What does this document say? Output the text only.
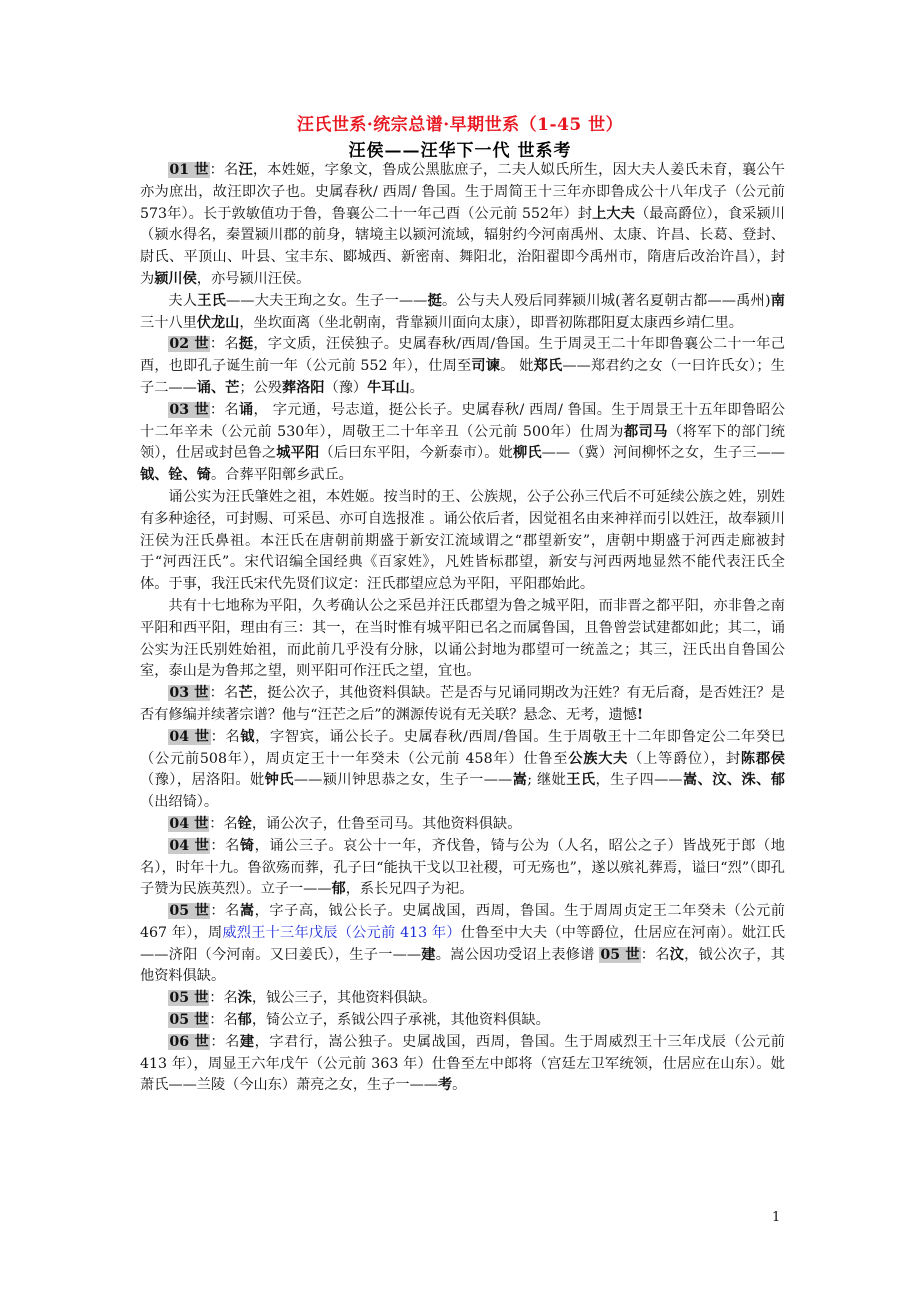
汪氏世系·统宗总谱·早期世系（1-45 世）
汪侯——汪华下一代 世系考

01 世：名汪，本姓姬，字象文，鲁成公黑肱庶子，二夫人姒氏所生，因大夫人姜氏未育，襄公午亦为庶出，故汪即次子也。史属春秋/ 西周/ 鲁国。生于周简王十三年亦即鲁成公十八年戊子（公元前 573年）。长于敦敏值功于鲁，鲁襄公二十一年己酉（公元前 552年）封上大夫（最高爵位），食采颍川（颍水得名，秦置颍川郡的前身，辖境主以颍河流域，辐射约今河南禹州、太康、许昌、长葛、登封、尉氏、平顶山、叶县、宝丰东、郾城西、新密南、舞阳北，治阳翟即今禹州市，隋唐后改治许昌），封为颍川侯，亦号颍川汪侯。

夫人王氏——大夫王珣之女。生子一——挺。公与夫人殁后同葬颍川城(著名夏朝古都——禹州)南三十八里伏龙山，坐坎面离（坐北朝南，背靠颍川面向太康），即晋初陈郡阳夏太康西乡靖仁里。

02 世：名挺，字文质，汪侯独子。史属春秋/西周/鲁国。生于周灵王二十年即鲁襄公二十一年己酉，也即孔子诞生前一年（公元前 552 年），仕周至司谏。 妣郑氏——郑君约之女（一曰许氏女）；生子二——诵、芒；公殁葬洛阳（豫）牛耳山。

03 世：名诵， 字元通，号志道，挺公长子。史属春秋/ 西周/ 鲁国。生于周景王十五年即鲁昭公十二年辛未（公元前 530年），周敬王二十年辛丑（公元前 500年）仕周为都司马（将军下的部门统领），仕居或封邑鲁之城平阳（后曰东平阳，今新泰市）。妣柳氏——（冀）河间柳怀之女，生子三——钺、铨、锜。合葬平阳鄣乡武丘。

诵公实为汪氏肇姓之祖，本姓姬。按当时的王、公族规，公子公孙三代后不可延续公族之姓，别姓有多种途径，可封赐、可采邑、亦可自选报准 。诵公依后者，因觉祖名由来神祥而引以姓汪，故奉颍川汪侯为汪氏鼻祖。本汪氏在唐朝前期盛于新安江流域谓之“郡望新安”，唐朝中期盛于河西走廊被封于“河西汪氏”。宋代诏编全国经典《百家姓》，凡姓皆标郡望，新安与河西两地显然不能代表汪氏全体。于事，我汪氏宋代先贤们议定：汪氏郡望应总为平阳，平阳郡始此。

共有十七地称为平阳，久考确认公之采邑并汪氏郡望为鲁之城平阳，而非晋之都平阳，亦非鲁之南平阳和西平阳，理由有三：其一，在当时惟有城平阳已名之而属鲁国，且鲁曾尝试建都如此；其二，诵公实为汪氏别姓始祖，而此前几乎没有分脉，以诵公封地为郡望可一统盖之；其三，汪氏出自鲁国公室，泰山是为鲁邦之望，则平阳可作汪氏之望，宜也。

03 世：名芒，挺公次子，其他资料俱缺。芒是否与兄诵同期改为汪姓？有无后裔，是否姓汪？是否有修编并续著宗谱？他与“汪芒之后”的渊源传说有无关联？悬念、无考，遗憾!

04 世：名钺，字智宾，诵公长子。史属春秋/西周/鲁国。生于周敬王十二年即鲁定公二年癸巳（公元前508年），周贞定王十一年癸未（公元前 458年）仕鲁至公族大夫（上等爵位），封陈郡侯（豫），居洛阳。妣钟氏——颍川钟思恭之女，生子一——嵩; 继妣王氏，生子四——嵩、汶、洙、郁（出绍锜）。

04 世：名铨，诵公次子，仕鲁至司马。其他资料俱缺。

04 世：名锜，诵公三子。哀公十一年，齐伐鲁，锜与公为（人名，昭公之子）皆战死于郎（地名），时年十九。鲁欲殇而葬，孔子曰“能执干戈以卫社稷，可无殇也”，遂以殡礼葬焉，谥曰“烈”（即孔子赞为民族英烈）。立子一——郁，系长兄四子为祀。

05 世：名嵩，字子高，钺公长子。史属战国，西周，鲁国。生于周周贞定王二年癸未（公元前 467 年），周威烈王十三年戊辰（公元前 413 年）仕鲁至中大夫（中等爵位，仕居应在河南）。妣江氏——济阳（今河南。又曰姜氏），生子一——建。嵩公因功受诏上表修谱 05 世：名汶，钺公次子，其他资料俱缺。

05 世：名洙，钺公三子，其他资料俱缺。

05 世：名郁，锜公立子，系钺公四子承祧，其他资料俱缺。

06 世：名建，字君行，嵩公独子。史属战国，西周，鲁国。生于周威烈王十三年戊辰（公元前 413 年），周显王六年戊午（公元前 363 年）仕鲁至左中郎将（宫廷左卫军统领，仕居应在山东）。妣萧氏——兰陵（今山东）萧亮之女，生子一——考。

1
